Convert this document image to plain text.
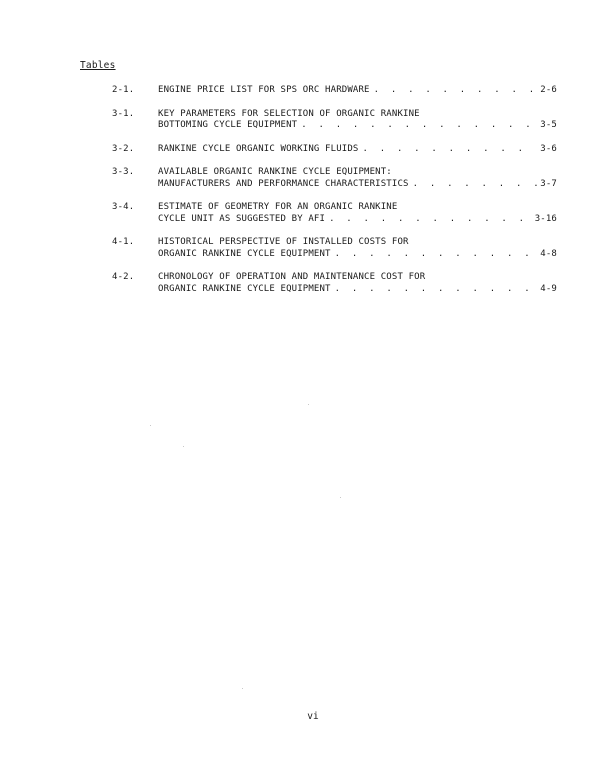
Tables
2-1.	ENGINE PRICE LIST FOR SPS ORC HARDWARE . . .	2-6
3-1.	KEY PARAMETERS FOR SELECTION OF ORGANIC RANKINE
BOTTOMING CYCLE EQUIPMENT . . .	3-5
3-2.	RANKINE CYCLE ORGANIC WORKING FLUIDS . . .	3-6
3-3.	AVAILABLE ORGANIC RANKINE CYCLE EQUIPMENT:
MANUFACTURERS AND PERFORMANCE CHARACTERISTICS . . .	3-7
3-4.	ESTIMATE OF GEOMETRY FOR AN ORGANIC RANKINE
CYCLE UNIT AS SUGGESTED BY AFI . . .	3-16
4-1.	HISTORICAL PERSPECTIVE OF INSTALLED COSTS FOR
ORGANIC RANKINE CYCLE EQUIPMENT . . .	4-8
4-2.	CHRONOLOGY OF OPERATION AND MAINTENANCE COST FOR
ORGANIC RANKINE CYCLE EQUIPMENT . . .	4-9
vi
